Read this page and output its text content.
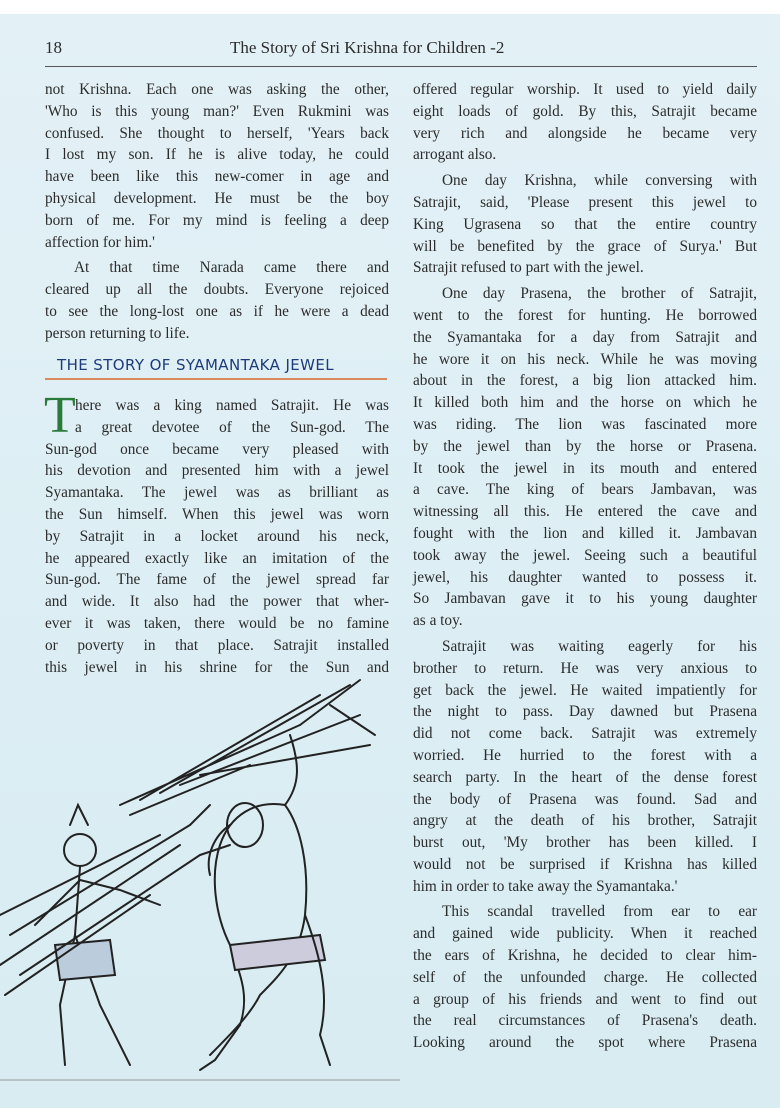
18	The Story of Sri Krishna for Children -2
not Krishna. Each one was asking the other,
'Who is this young man?' Even Rukmini was
confused. She thought to herself, 'Years back
I lost my son. If he is alive today, he could
have been like this new-comer in age and
physical development. He must be the boy
born of me. For my mind is feeling a deep
affection for him.'
At that time Narada came there and
cleared up all the doubts. Everyone rejoiced
to see the long-lost one as if he were a dead
person returning to life.
THE STORY OF SYAMANTAKA JEWEL
T here was a king named Satrajit. He was
a great devotee of the Sun-god. The
Sun-god once became very pleased with
his devotion and presented him with a jewel
Syamantaka. The jewel was as brilliant as
the Sun himself. When this jewel was worn
by Satrajit in a locket around his neck,
he appeared exactly like an imitation of the
Sun-god. The fame of the jewel spread far
and wide. It also had the power that wher-
ever it was taken, there would be no famine
or poverty in that place. Satrajit installed
this jewel in his shrine for the Sun and
offered regular worship. It used to yield daily
eight loads of gold. By this, Satrajit became
very rich and alongside he became very
arrogant also.
One day Krishna, while conversing with
Satrajit, said, 'Please present this jewel to
King Ugrasena so that the entire country
will be benefited by the grace of Surya.' But
Satrajit refused to part with the jewel.
One day Prasena, the brother of Satrajit,
went to the forest for hunting. He borrowed
the Syamantaka for a day from Satrajit and
he wore it on his neck. While he was moving
about in the forest, a big lion attacked him.
It killed both him and the horse on which he
was riding. The lion was fascinated more
by the jewel than by the horse or Prasena.
It took the jewel in its mouth and entered
a cave. The king of bears Jambavan, was
witnessing all this. He entered the cave and
fought with the lion and killed it. Jambavan
took away the jewel. Seeing such a beautiful
jewel, his daughter wanted to possess it.
So Jambavan gave it to his young daughter
as a toy.
Satrajit was waiting eagerly for his
brother to return. He was very anxious to
get back the jewel. He waited impatiently for
the night to pass. Day dawned but Prasena
did not come back. Satrajit was extremely
worried. He hurried to the forest with a
search party. In the heart of the dense forest
the body of Prasena was found. Sad and
angry at the death of his brother, Satrajit
burst out, 'My brother has been killed. I
would not be surprised if Krishna has killed
him in order to take away the Syamantaka.'
This scandal travelled from ear to ear
and gained wide publicity. When it reached
the ears of Krishna, he decided to clear him-
self of the unfounded charge. He collected
a group of his friends and went to find out
the real circumstances of Prasena's death.
Looking around the spot where Prasena
